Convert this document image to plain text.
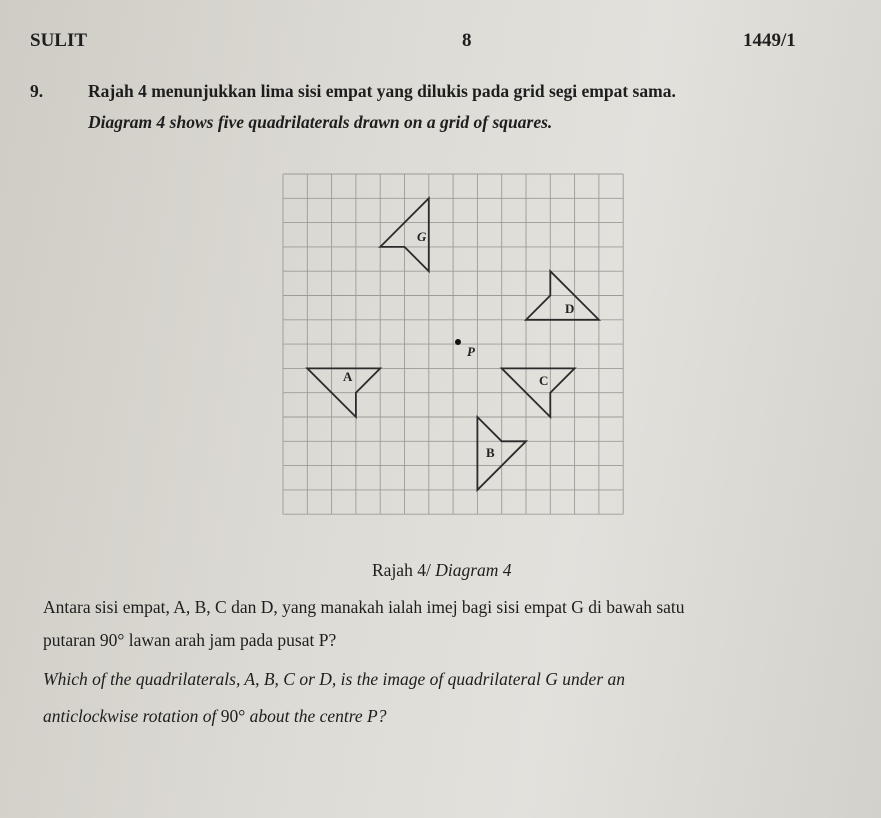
SULIT	8	1449/1
9.	Rajah 4 menunjukkan lima sisi empat yang dilukis pada grid segi empat sama.
Diagram 4 shows five quadrilaterals drawn on a grid of squares.
G
D
A	C
B
P
Rajah 4/ Diagram 4
Antara sisi empat, A, B, C dan D, yang manakah ialah imej bagi sisi empat G di bawah satu
putaran 90° lawan arah jam pada pusat P?
Which of the quadrilaterals, A, B, C or D, is the image of quadrilateral G under an
anticlockwise rotation of 90° about the centre P?
